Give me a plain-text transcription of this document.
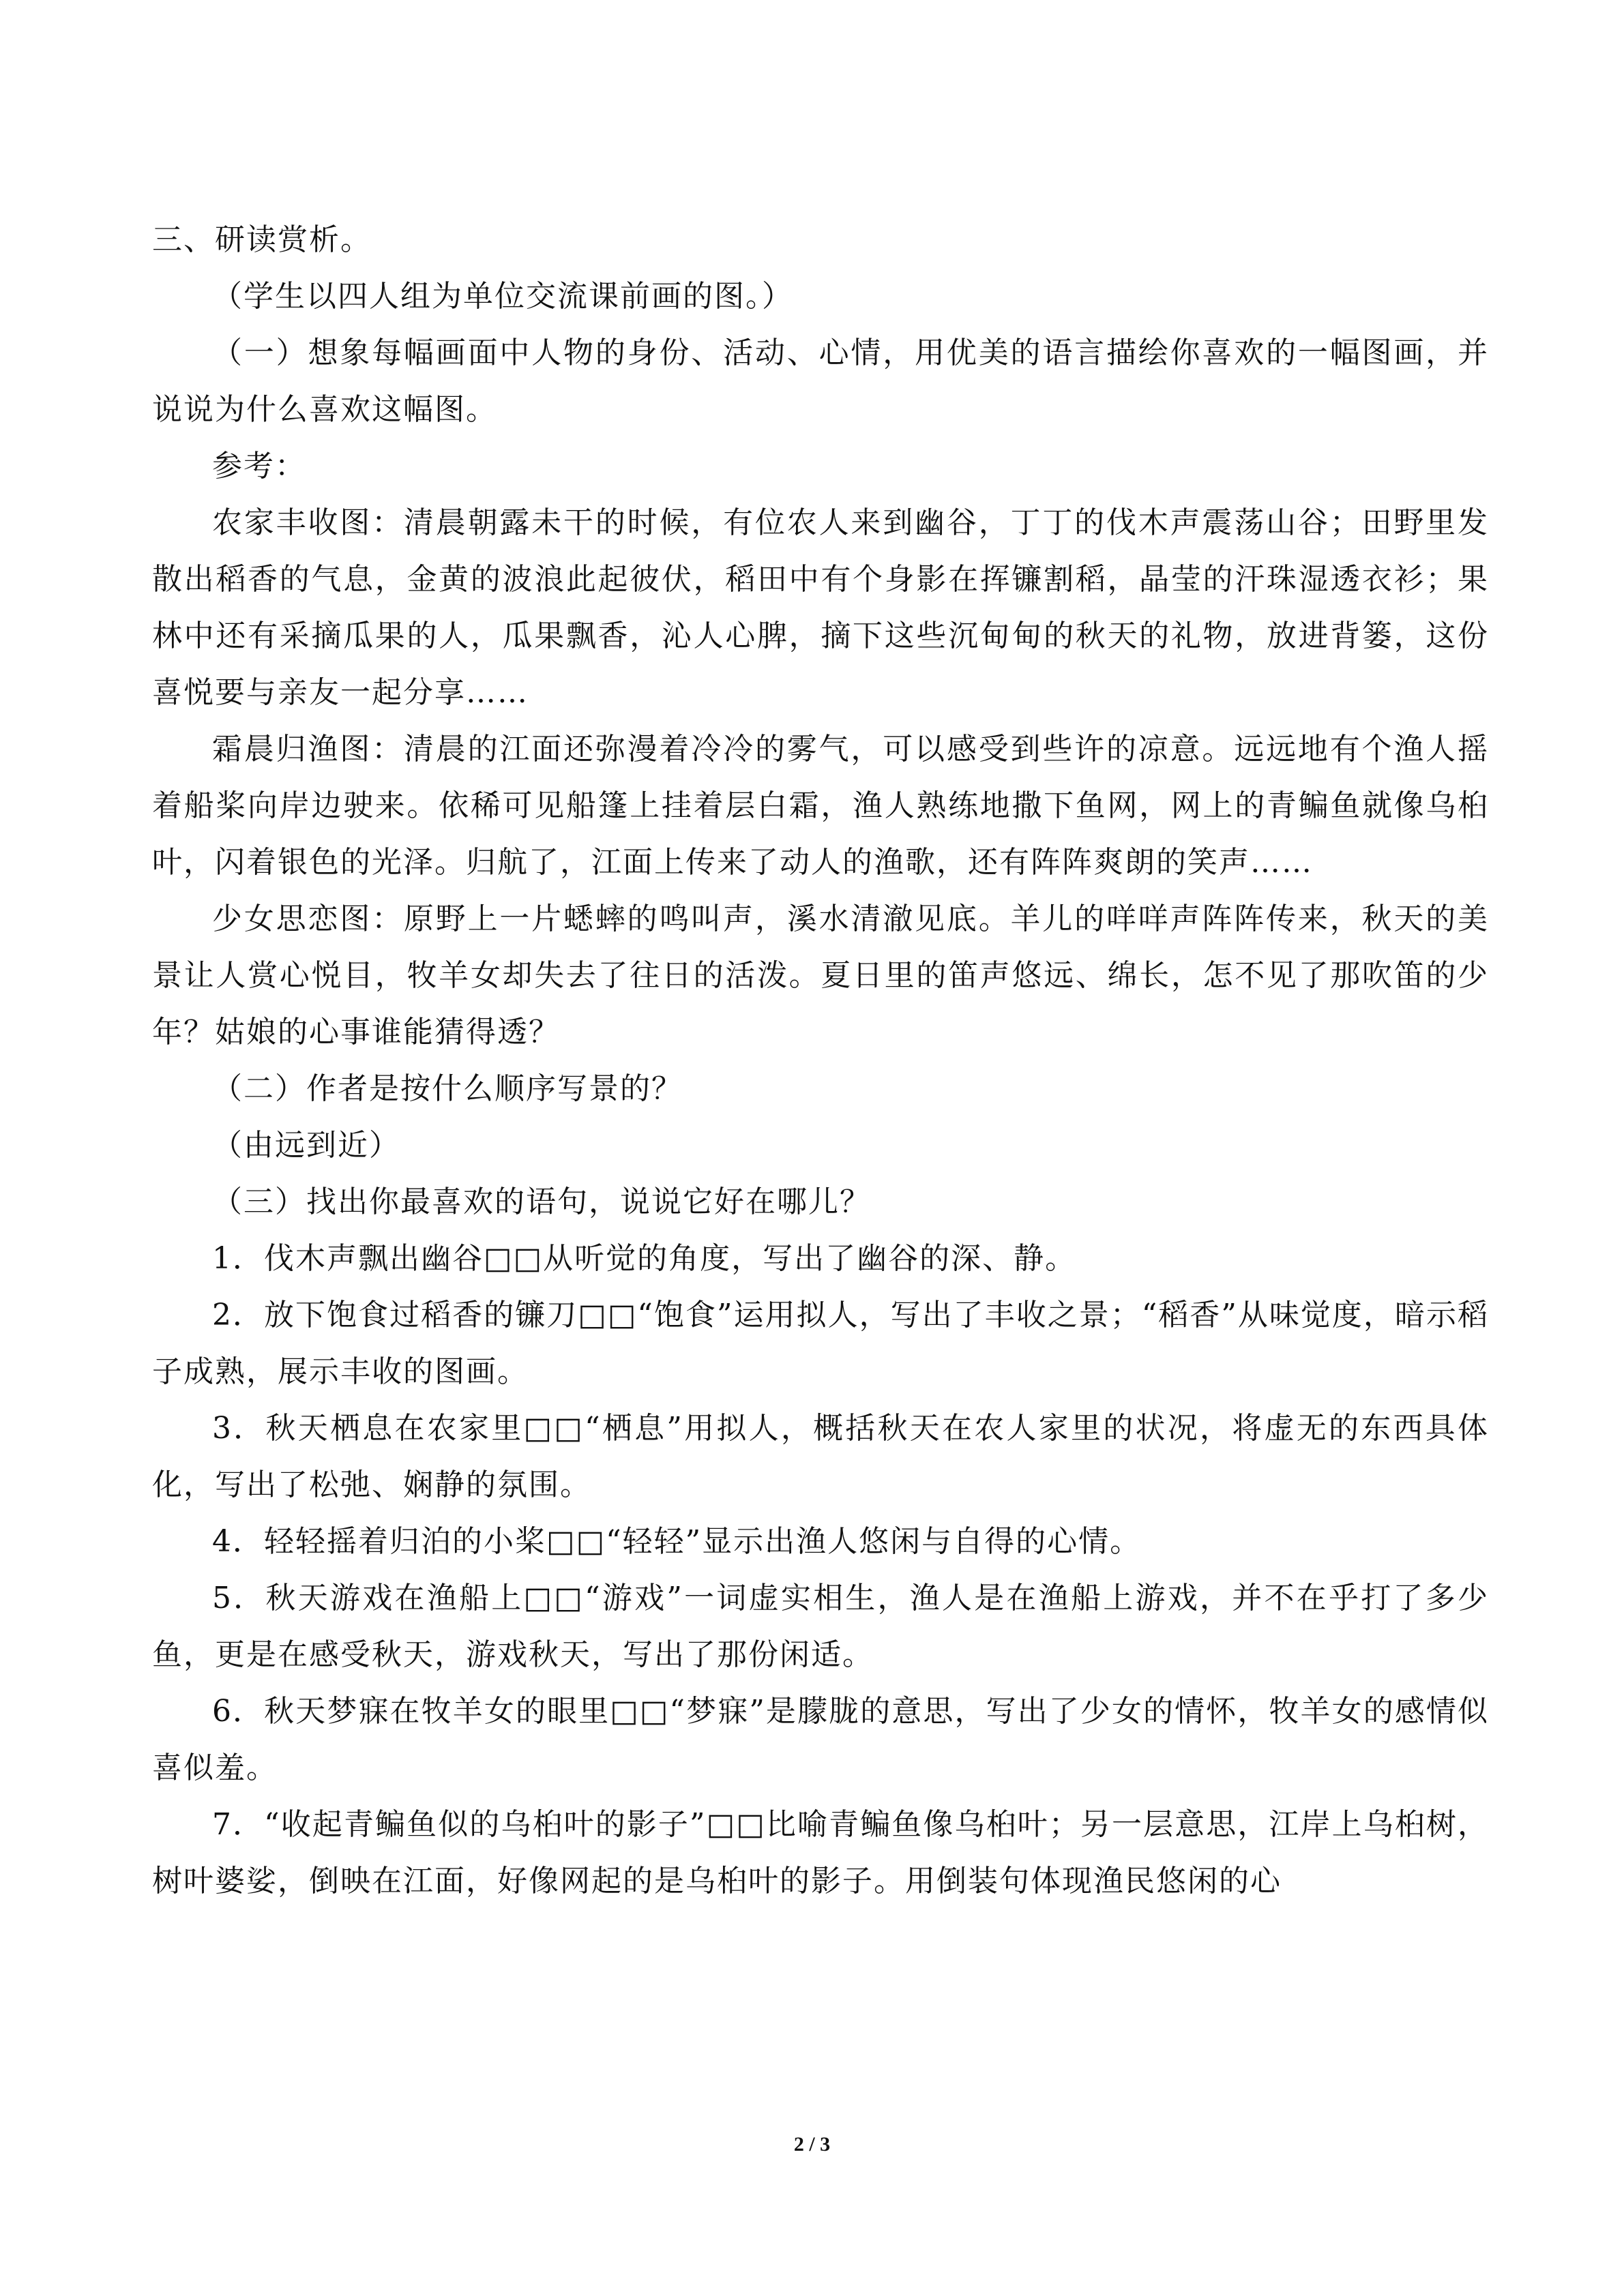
三、研读赏析。

（学生以四人组为单位交流课前画的图。）

（一）想象每幅画面中人物的身份、活动、心情，用优美的语言描绘你喜欢的一幅图画，并说说为什么喜欢这幅图。

参考：

农家丰收图：清晨朝露未干的时候，有位农人来到幽谷，丁丁的伐木声震荡山谷；田野里发散出稻香的气息，金黄的波浪此起彼伏，稻田中有个身影在挥镰割稻，晶莹的汗珠湿透衣衫；果林中还有采摘瓜果的人，瓜果飘香，沁人心脾，摘下这些沉甸甸的秋天的礼物，放进背篓，这份喜悦要与亲友一起分享……

霜晨归渔图：清晨的江面还弥漫着冷冷的雾气，可以感受到些许的凉意。远远地有个渔人摇着船桨向岸边驶来。依稀可见船篷上挂着层白霜，渔人熟练地撒下鱼网，网上的青鳊鱼就像乌桕叶，闪着银色的光泽。归航了，江面上传来了动人的渔歌，还有阵阵爽朗的笑声……

少女思恋图：原野上一片蟋蟀的鸣叫声，溪水清澈见底。羊儿的咩咩声阵阵传来，秋天的美景让人赏心悦目，牧羊女却失去了往日的活泼。夏日里的笛声悠远、绵长，怎不见了那吹笛的少年？姑娘的心事谁能猜得透？

（二）作者是按什么顺序写景的？

（由远到近）

（三）找出你最喜欢的语句，说说它好在哪儿？

1．伐木声飘出幽谷□□从听觉的角度，写出了幽谷的深、静。

2．放下饱食过稻香的镰刀□□“饱食”运用拟人，写出了丰收之景；“稻香”从味觉度，暗示稻子成熟，展示丰收的图画。

3．秋天栖息在农家里□□“栖息”用拟人，概括秋天在农人家里的状况，将虚无的东西具体化，写出了松弛、娴静的氛围。

4．轻轻摇着归泊的小桨□□“轻轻”显示出渔人悠闲与自得的心情。

5．秋天游戏在渔船上□□“游戏”一词虚实相生，渔人是在渔船上游戏，并不在乎打了多少鱼，更是在感受秋天，游戏秋天，写出了那份闲适。

6．秋天梦寐在牧羊女的眼里□□“梦寐”是朦胧的意思，写出了少女的情怀，牧羊女的感情似喜似羞。

7．“收起青鳊鱼似的乌桕叶的影子”□□比喻青鳊鱼像乌桕叶；另一层意思，江岸上乌桕树，树叶婆娑，倒映在江面，好像网起的是乌桕叶的影子。用倒装句体现渔民悠闲的心

2 / 3
